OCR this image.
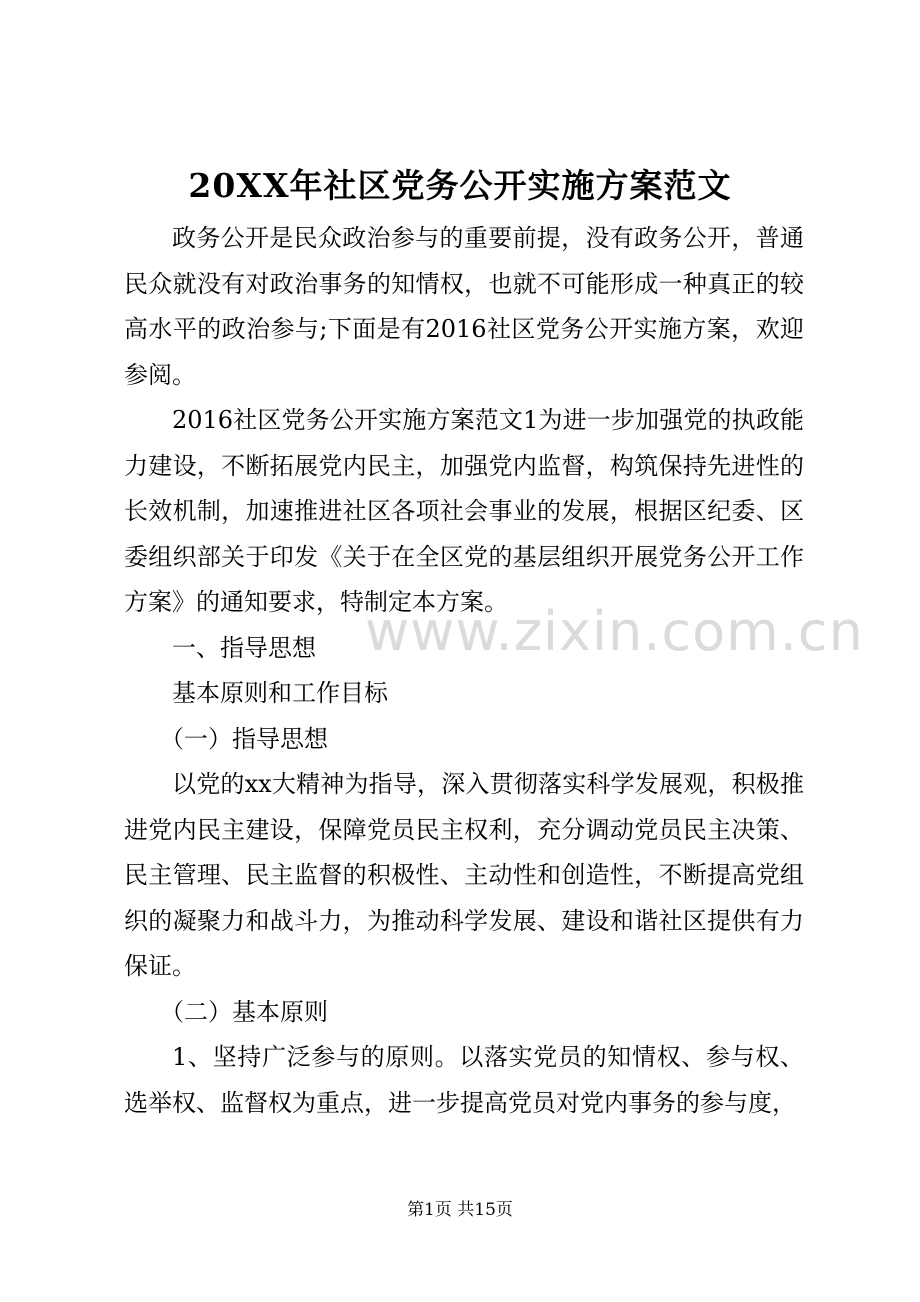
20XX年社区党务公开实施方案范文

政务公开是民众政治参与的重要前提，没有政务公开，普通民众就没有对政治事务的知情权，也就不可能形成一种真正的较高水平的政治参与;下面是有2016社区党务公开实施方案，欢迎参阅。

2016社区党务公开实施方案范文1为进一步加强党的执政能力建设，不断拓展党内民主，加强党内监督，构筑保持先进性的长效机制，加速推进社区各项社会事业的发展，根据区纪委、区委组织部关于印发《关于在全区党的基层组织开展党务公开工作方案》的通知要求，特制定本方案。

一、指导思想

基本原则和工作目标

（一）指导思想

以党的xx大精神为指导，深入贯彻落实科学发展观，积极推进党内民主建设，保障党员民主权利，充分调动党员民主决策、民主管理、民主监督的积极性、主动性和创造性，不断提高党组织的凝聚力和战斗力，为推动科学发展、建设和谐社区提供有力保证。

（二）基本原则

1、坚持广泛参与的原则。以落实党员的知情权、参与权、选举权、监督权为重点，进一步提高党员对党内事务的参与度，

www.zixin.com.cn
第1页 共15页
